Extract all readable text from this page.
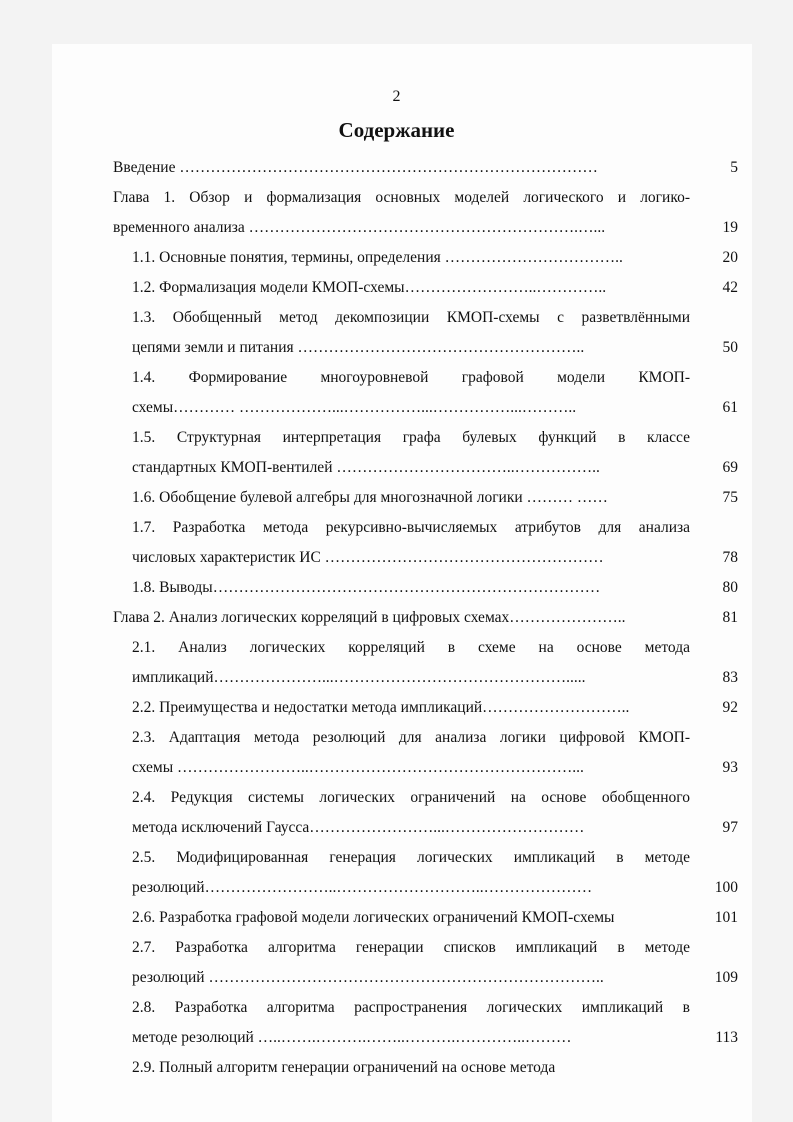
2
Содержание
Введение ………………………………………………………………………	5
Глава 1. Обзор и формализация основных моделей логического и логико-
временного анализа ……………………………………………………….…...	19
1.1. Основные понятия, термины, определения ……………………………..	20
1.2. Формализация модели КМОП-схемы……………………..…………..	42
1.3. Обобщенный метод декомпозиции КМОП-схемы с разветвлёнными
цепями земли и питания ………………………………………………..	50
1.4. Формирование многоуровневой графовой модели КМОП-
схемы………… ………………...……………...……………...………..	61
1.5. Структурная интерпретация графа булевых функций в классе
стандартных КМОП-вентилей ……………………………..……………..	69
1.6. Обобщение булевой алгебры для многозначной логики ……… ……	75
1.7. Разработка метода рекурсивно-вычисляемых атрибутов для анализа
числовых характеристик ИС ………………………………………………	78
1.8. Выводы…………………………………………………………………	80
Глава 2. Анализ логических корреляций в цифровых схемах…………………..	81
2.1. Анализ логических корреляций в схеме на основе метода
импликаций…………………...……………………………………….....	83
2.2. Преимущества и недостатки метода импликаций………………………..	92
2.3. Адаптация метода резолюций для анализа логики цифровой КМОП-
схемы ……………………..……………………………………………...	93
2.4. Редукция системы логических ограничений на основе обобщенного
метода исключений Гаусса……………………...………………………	97
2.5. Модифицированная генерация логических импликаций в методе
резолюций……………………..………………………..…………………	100
2.6. Разработка графовой модели логических ограничений КМОП-схемы	101
2.7. Разработка алгоритма генерации списков импликаций в методе
резолюций …………………………………………………………………..	109
2.8. Разработка алгоритма распространения логических импликаций в
методе резолюций …..…….……….……..……….…………..………	113
2.9. Полный алгоритм генерации ограничений на основе метода
